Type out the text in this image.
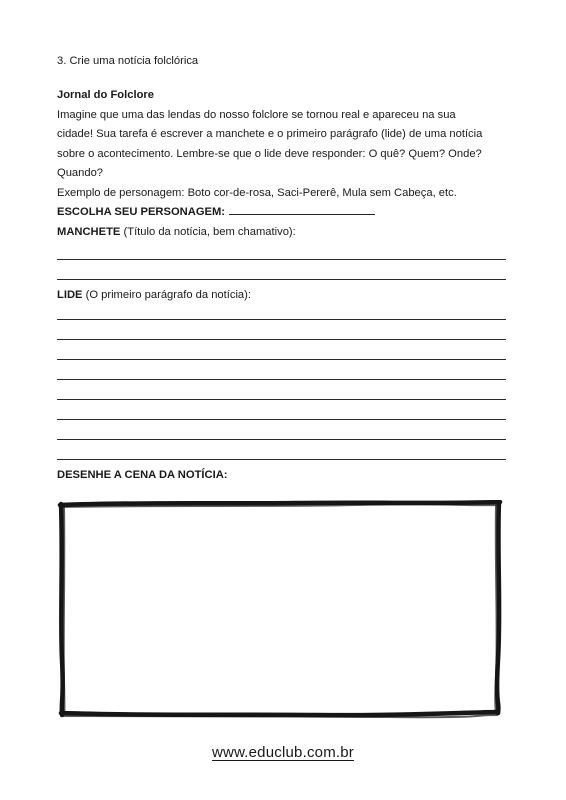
3. Crie uma notícia folclórica

Jornal do Folclore

Imagine que uma das lendas do nosso folclore se tornou real e apareceu na sua

cidade! Sua tarefa é escrever a manchete e o primeiro parágrafo (lide) de uma notícia

sobre o acontecimento. Lembre-se que o lide deve responder: O quê? Quem? Onde?

Quando?

Exemplo de personagem: Boto cor-de-rosa, Saci-Pererê, Mula sem Cabeça, etc.

ESCOLHA SEU PERSONAGEM:

MANCHETE (Título da notícia, bem chamativo):

LIDE (O primeiro parágrafo da notícia):
DESENHE A CENA DA NOTÍCIA:
www.educlub.com.br
